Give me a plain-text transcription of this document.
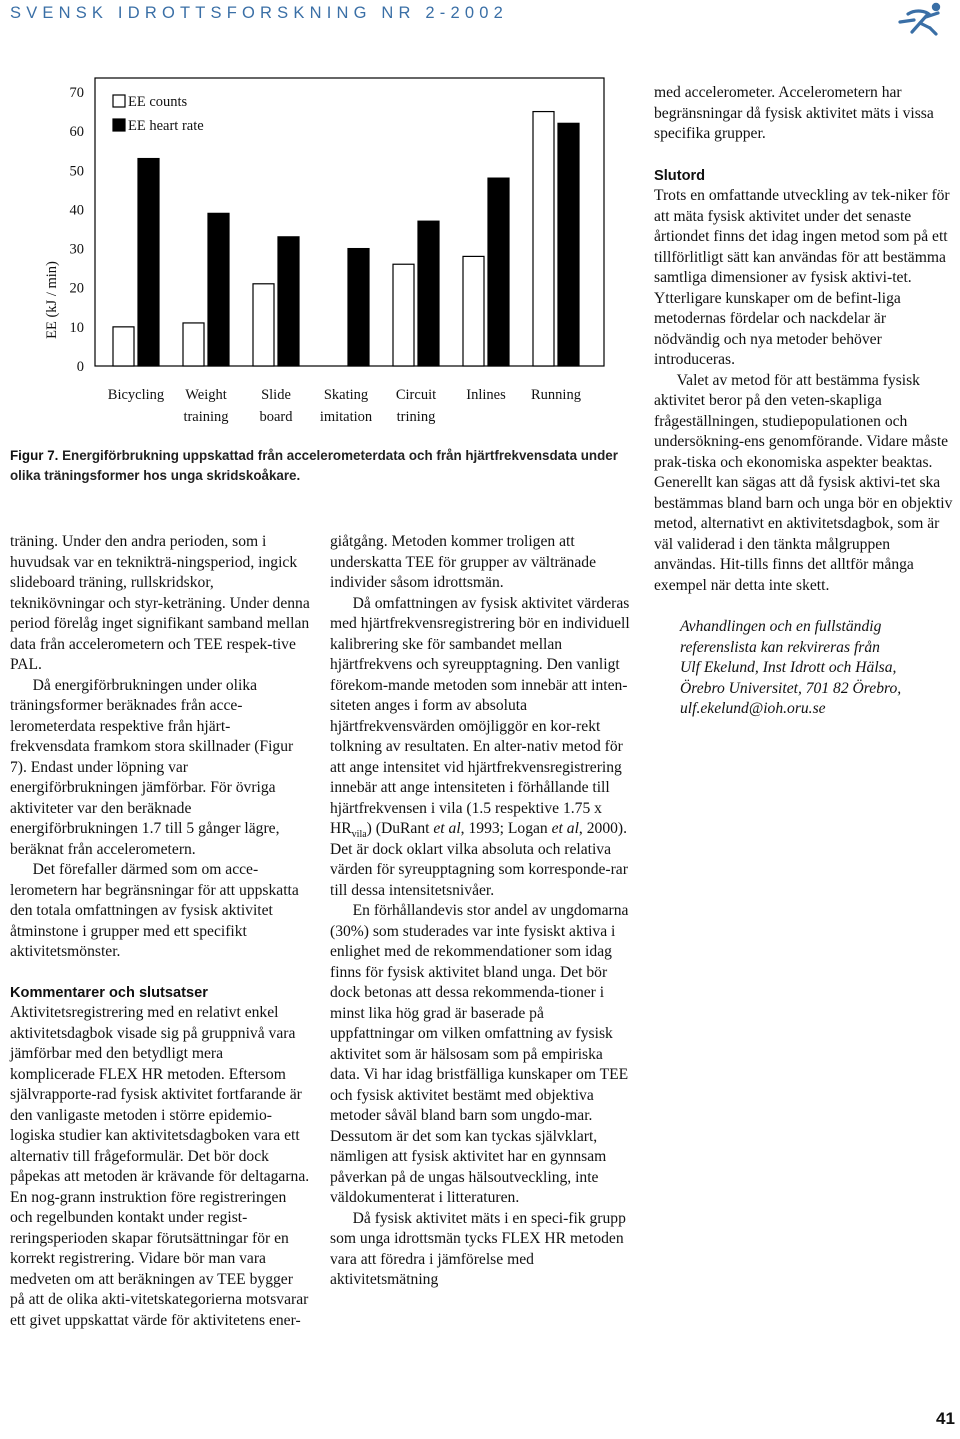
SVENSK IDROTTSFORSKNING NR 2-2002
EE (kJ / min)
0
10
20
30
40
50
60
70
Bicycling Weight
training
Slide
board
Skating
imitation
Circuit
trining
Inlines Running
EE counts
EE heart rate
Figur 7. Energiförbrukning uppskattad från accelerometerdata och från hjärtfrekvensdata under olika träningsformer hos unga skridskoåkare.

träning. Under den andra perioden, som i huvudsak var en teknikträ-ningsperiod, ingick slideboard träning, rullskridskor, teknikövningar och styr-keträning. Under denna period förelåg inget signifikant samband mellan data från accelerometern och TEE respek-tive PAL.

Då energiförbrukningen under olika träningsformer beräknades från acce-lerometerdata respektive från hjärt-frekvensdata framkom stora skillnader (Figur 7). Endast under löpning var energiförbrukningen jämförbar. För övriga aktiviteter var den beräknade energiförbrukningen 1.7 till 5 gånger lägre, beräknat från accelerometern.

Det förefaller därmed som om acce-lerometern har begränsningar för att uppskatta den totala omfattningen av fysisk aktivitet åtminstone i grupper med ett specifikt aktivitetsmönster.

Kommentarer och slutsatser

Aktivitetsregistrering med en relativt enkel aktivitetsdagbok visade sig på gruppnivå vara jämförbar med den betydligt mera komplicerade FLEX HR metoden. Eftersom självrapporte-rad fysisk aktivitet fortfarande är den vanligaste metoden i större epidemio-logiska studier kan aktivitetsdagboken vara ett alternativ till frågeformulär. Det bör dock påpekas att metoden är krävande för deltagarna. En nog-grann instruktion före registreringen och regelbunden kontakt under regist-reringsperioden skapar förutsättningar för en korrekt registrering. Vidare bör man vara medveten om att beräkningen av TEE bygger på att de olika akti-vitetskategorierna motsvarar ett givet uppskattat värde för aktivitetens ener-

giåtgång. Metoden kommer troligen att underskatta TEE för grupper av vältränade individer såsom idrottsmän.

Då omfattningen av fysisk aktivitet värderas med hjärtfrekvensregistrering bör en individuell kalibrering ske för sambandet mellan hjärtfrekvens och syreupptagning. Den vanligt förekom-mande metoden som innebär att inten-siteten anges i form av absoluta hjärtfrekvensvärden omöjliggör en kor-rekt tolkning av resultaten. En alter-nativ metod för att ange intensitet vid hjärtfrekvensregistrering innebär att ange intensiteten i förhållande till hjärtfrekvensen i vila (1.5 respektive 1.75 x $HR_{vila}$) (DuRant et al, 1993; Logan et al, 2000). Det är dock oklart vilka absoluta och relativa värden för syreupptagning som korresponde-rar till dessa intensitetsnivåer.

En förhållandevis stor andel av ungdomarna (30%) som studerades var inte fysiskt aktiva i enlighet med de rekommendationer som idag finns för fysisk aktivitet bland unga. Det bör dock betonas att dessa rekommenda-tioner i minst lika hög grad är baserade på uppfattningar om vilken omfattning av fysisk aktivitet som är hälsosam som på empiriska data. Vi har idag bristfälliga kunskaper om TEE och fysisk aktivitet bestämt med objektiva metoder såväl bland barn som ungdo-mar. Dessutom är det som kan tyckas självklart, nämligen att fysisk aktivitet har en gynnsam påverkan på de ungas hälsoutveckling, inte väldokumenterat i litteraturen.

Då fysisk aktivitet mäts i en speci-fik grupp som unga idrottsmän tycks FLEX HR metoden vara att föredra i jämförelse med aktivitetsmätning

med accelerometer. Accelerometern har begränsningar då fysisk aktivitet mäts i vissa specifika grupper.

Slutord

Trots en omfattande utveckling av tek-niker för att mäta fysisk aktivitet under det senaste årtiondet finns det idag ingen metod som på ett tillförlitligt sätt kan användas för att bestämma samtliga dimensioner av fysisk aktivi-tet. Ytterligare kunskaper om de befint-liga metodernas fördelar och nackdelar är nödvändig och nya metoder behöver introduceras.

Valet av metod för att bestämma fysisk aktivitet beror på den veten-skapliga frågeställningen, studiepopulationen och undersökning-ens genomförande. Vidare måste prak-tiska och ekonomiska aspekter beaktas. Generellt kan sägas att då fysisk aktivi-tet ska bestämmas bland barn och unga bör en objektiv metod, alternativt en aktivitetsdagbok, som är väl validerad i den tänkta målgruppen användas. Hit-tills finns det alltför många exempel när detta inte skett.

Avhandlingen och en fullständig
referenslista kan rekvireras från
Ulf Ekelund, Inst Idrott och Hälsa,
Örebro Universitet, 701 82 Örebro,
ulf.ekelund@ioh.oru.se
41
